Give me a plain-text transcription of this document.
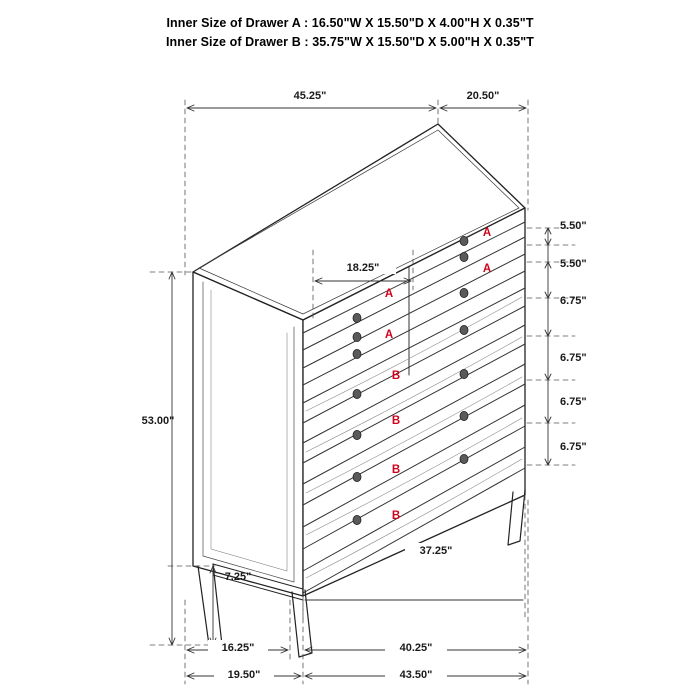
Inner Size of Drawer A : 16.50"W X 15.50"D X 4.00"H X 0.35"T
Inner Size of Drawer B : 35.75"W X 15.50"D X 5.00"H X 0.35"T
45.25"	20.50"
18.25"
53.00"
7.25"
5.50"
5.50"
6.75"
6.75"
6.75"
6.75"
37.25"
16.25"	40.25"
19.50"	43.50"
A
A
A
A
B
B
B
B
